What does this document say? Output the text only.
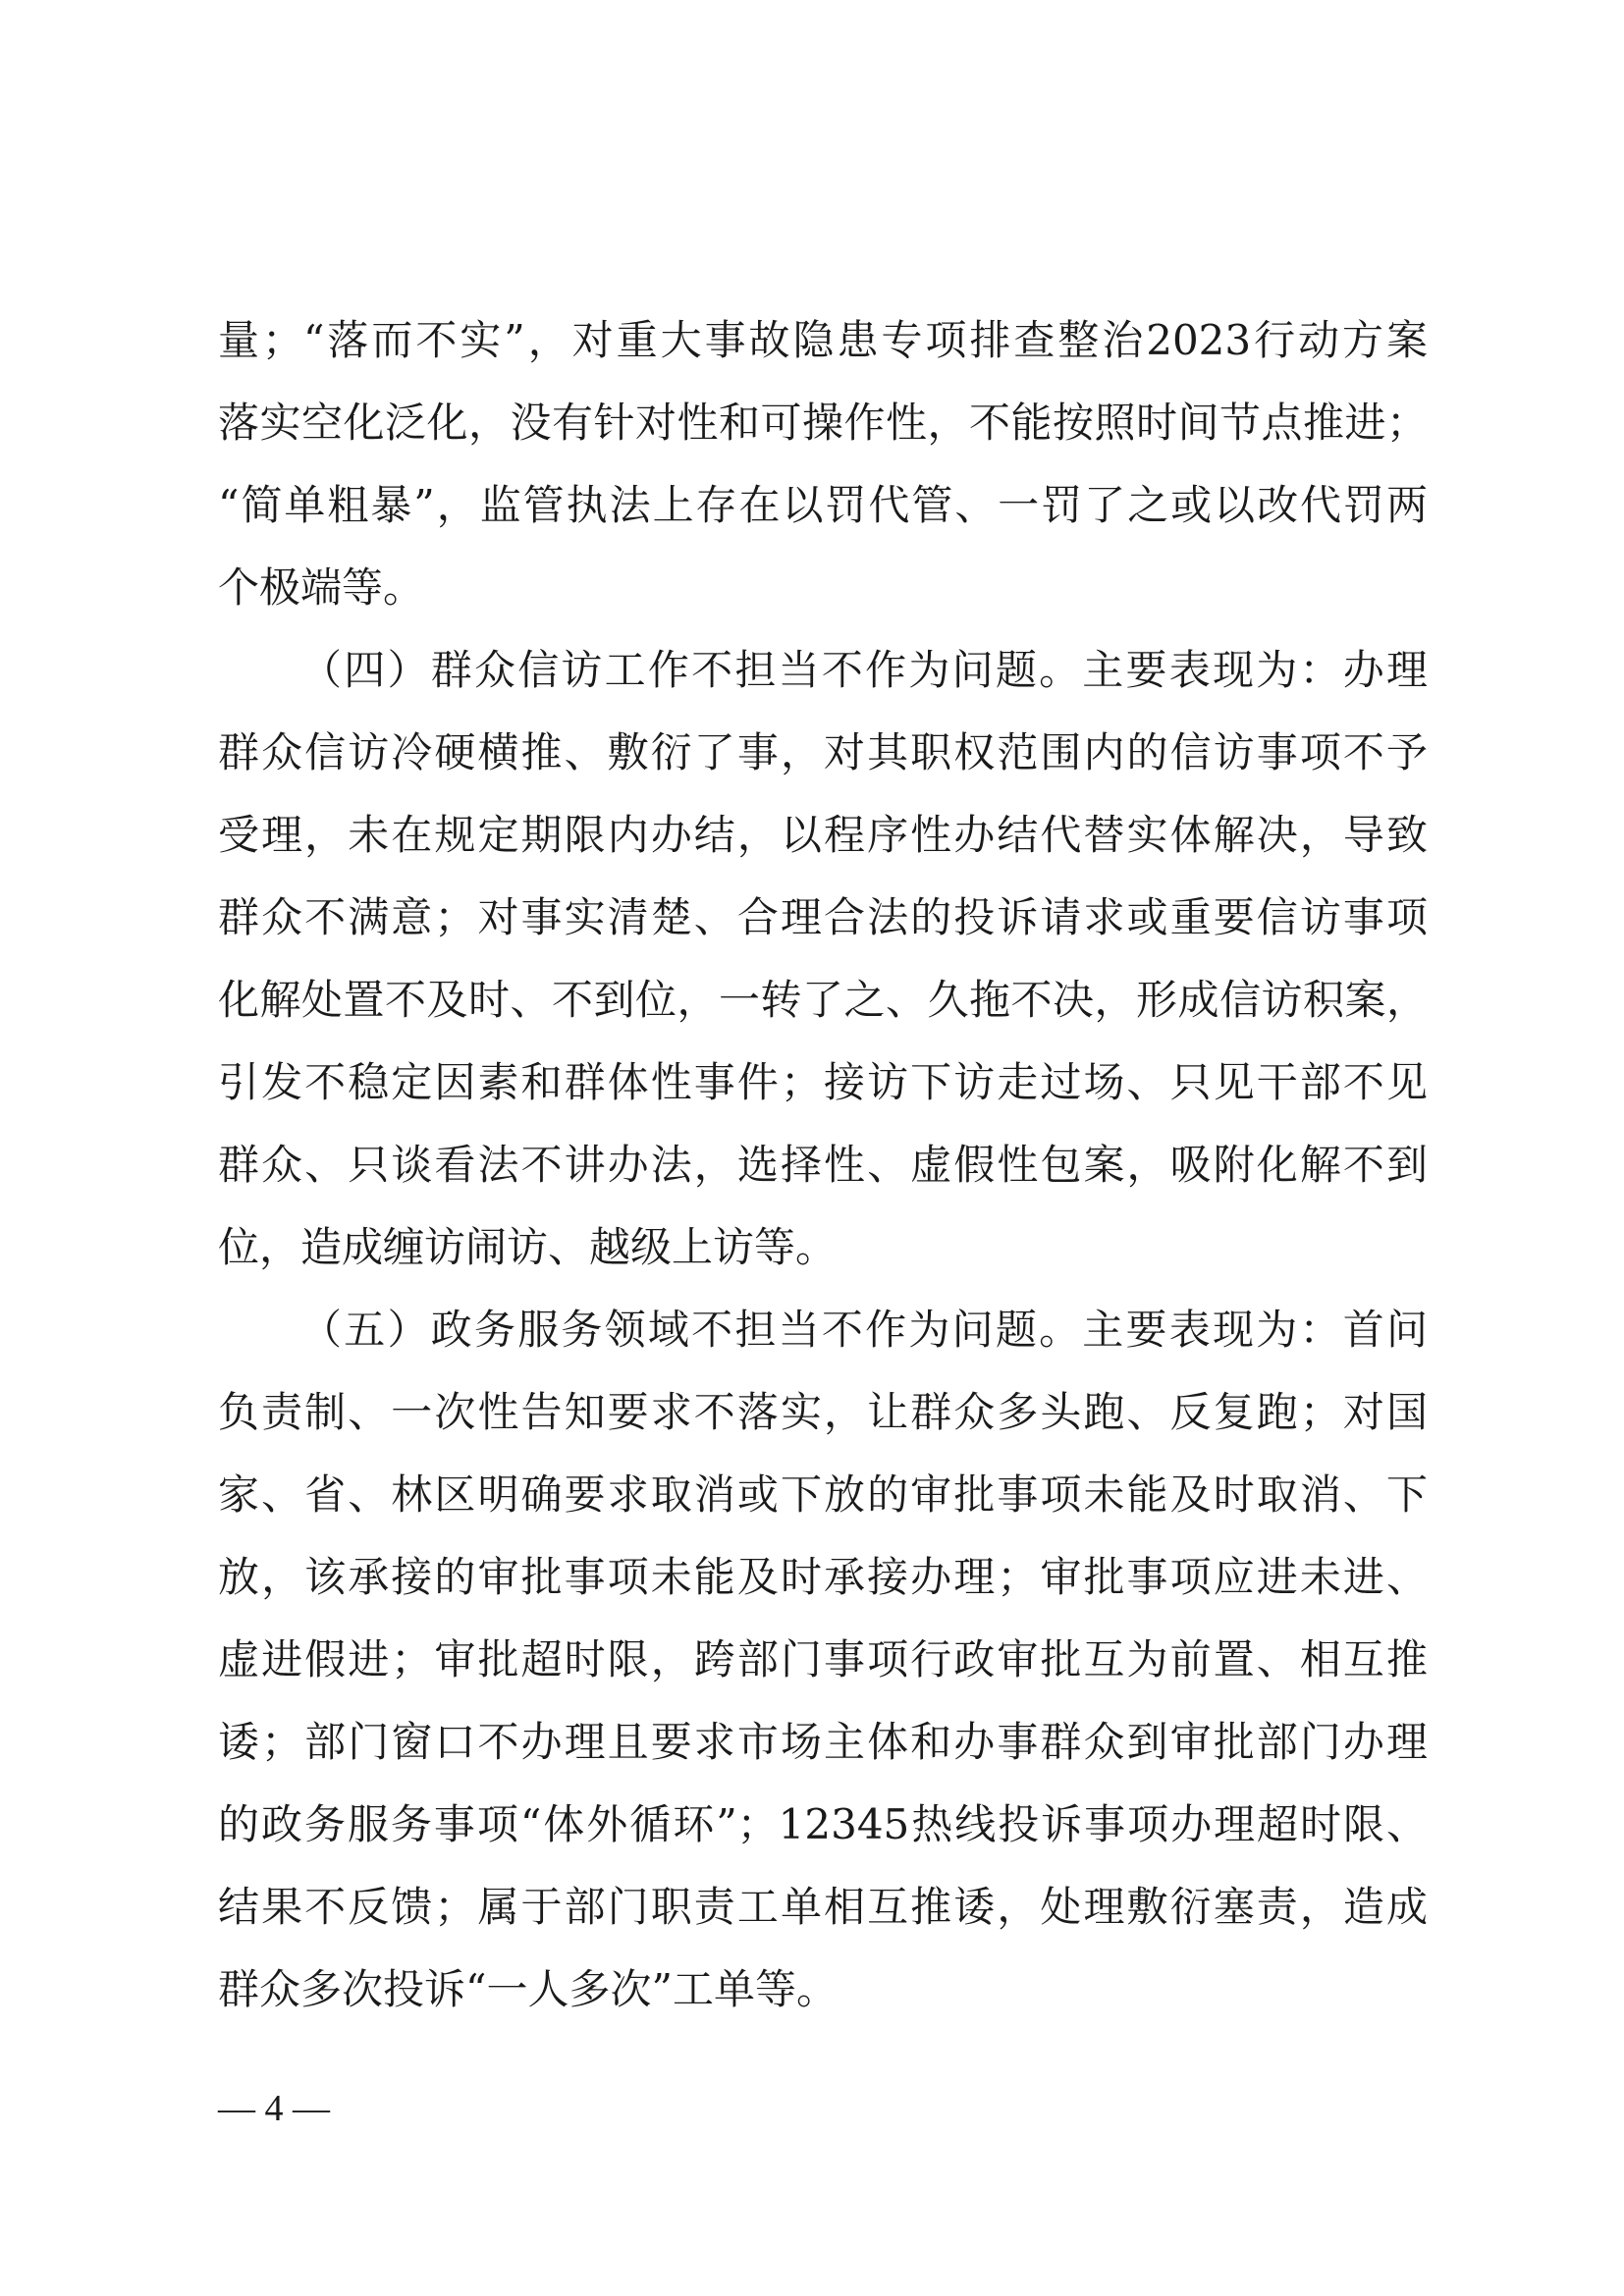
量；“落而不实”，对重大事故隐患专项排查整治2023行动方案
落实空化泛化，没有针对性和可操作性，不能按照时间节点推进；
“简单粗暴”，监管执法上存在以罚代管、一罚了之或以改代罚两
个极端等。
（四）群众信访工作不担当不作为问题。主要表现为：办理
群众信访冷硬横推、敷衍了事，对其职权范围内的信访事项不予
受理，未在规定期限内办结，以程序性办结代替实体解决，导致
群众不满意；对事实清楚、合理合法的投诉请求或重要信访事项
化解处置不及时、不到位，一转了之、久拖不决，形成信访积案，
引发不稳定因素和群体性事件；接访下访走过场、只见干部不见
群众、只谈看法不讲办法，选择性、虚假性包案，吸附化解不到
位，造成缠访闹访、越级上访等。
（五）政务服务领域不担当不作为问题。主要表现为：首问
负责制、一次性告知要求不落实，让群众多头跑、反复跑；对国
家、省、林区明确要求取消或下放的审批事项未能及时取消、下
放，该承接的审批事项未能及时承接办理；审批事项应进未进、
虚进假进；审批超时限，跨部门事项行政审批互为前置、相互推
诿；部门窗口不办理且要求市场主体和办事群众到审批部门办理
的政务服务事项“体外循环”；12345热线投诉事项办理超时限、
结果不反馈；属于部门职责工单相互推诿，处理敷衍塞责，造成
群众多次投诉“一人多次”工单等。
— 4 —
